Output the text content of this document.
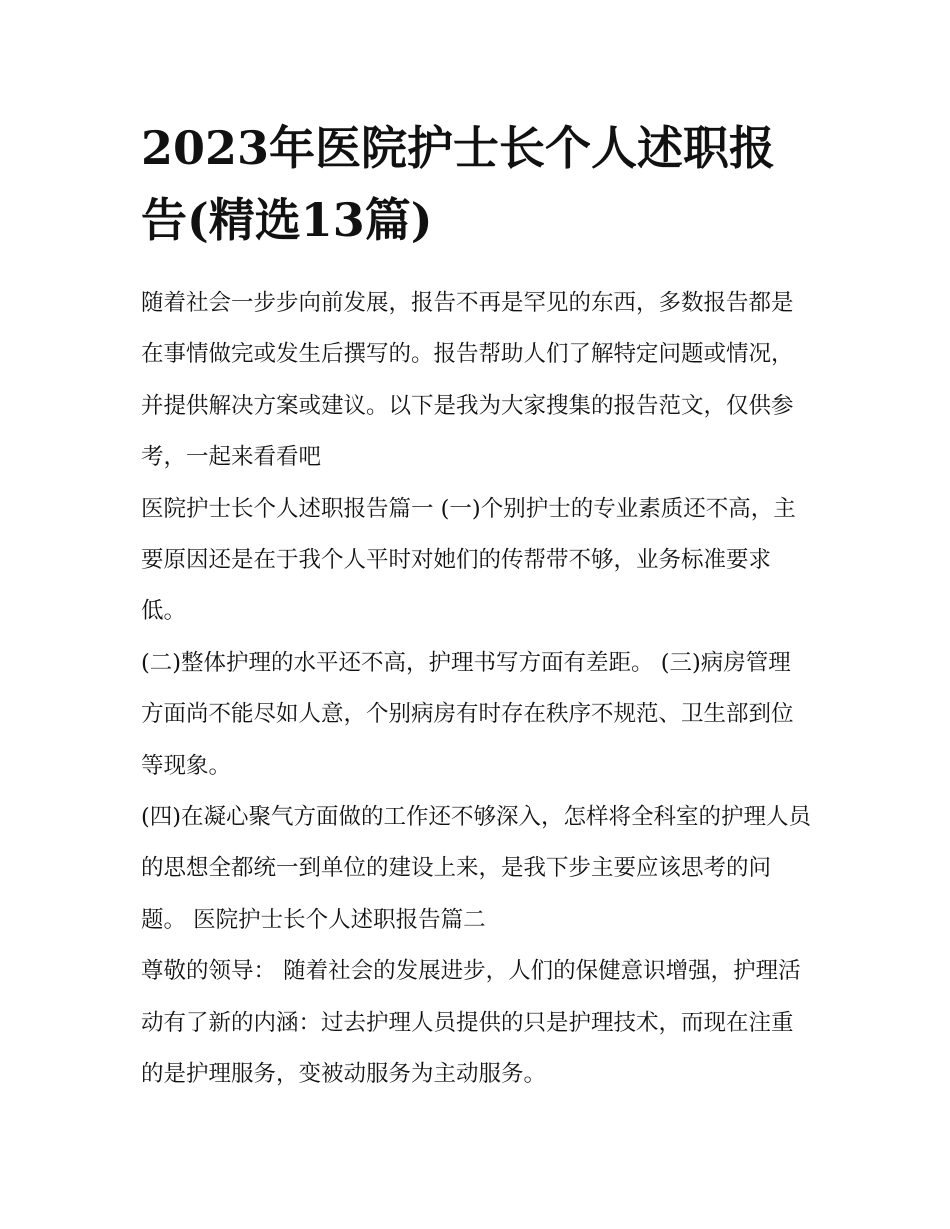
2023年医院护士长个人述职报告(精选13篇)

随着社会一步步向前发展，报告不再是罕见的东西，多数报告都是在事情做完或发生后撰写的。报告帮助人们了解特定问题或情况，并提供解决方案或建议。以下是我为大家搜集的报告范文，仅供参考，一起来看看吧

医院护士长个人述职报告篇一 (一)个别护士的专业素质还不高，主要原因还是在于我个人平时对她们的传帮带不够，业务标准要求低。

(二)整体护理的水平还不高，护理书写方面有差距。 (三)病房管理方面尚不能尽如人意，个别病房有时存在秩序不规范、卫生部到位等现象。

(四)在凝心聚气方面做的工作还不够深入，怎样将全科室的护理人员的思想全都统一到单位的建设上来，是我下步主要应该思考的问题。 医院护士长个人述职报告篇二

尊敬的领导： 随着社会的发展进步，人们的保健意识增强，护理活动有了新的内涵：过去护理人员提供的只是护理技术，而现在注重的是护理服务，变被动服务为主动服务。
